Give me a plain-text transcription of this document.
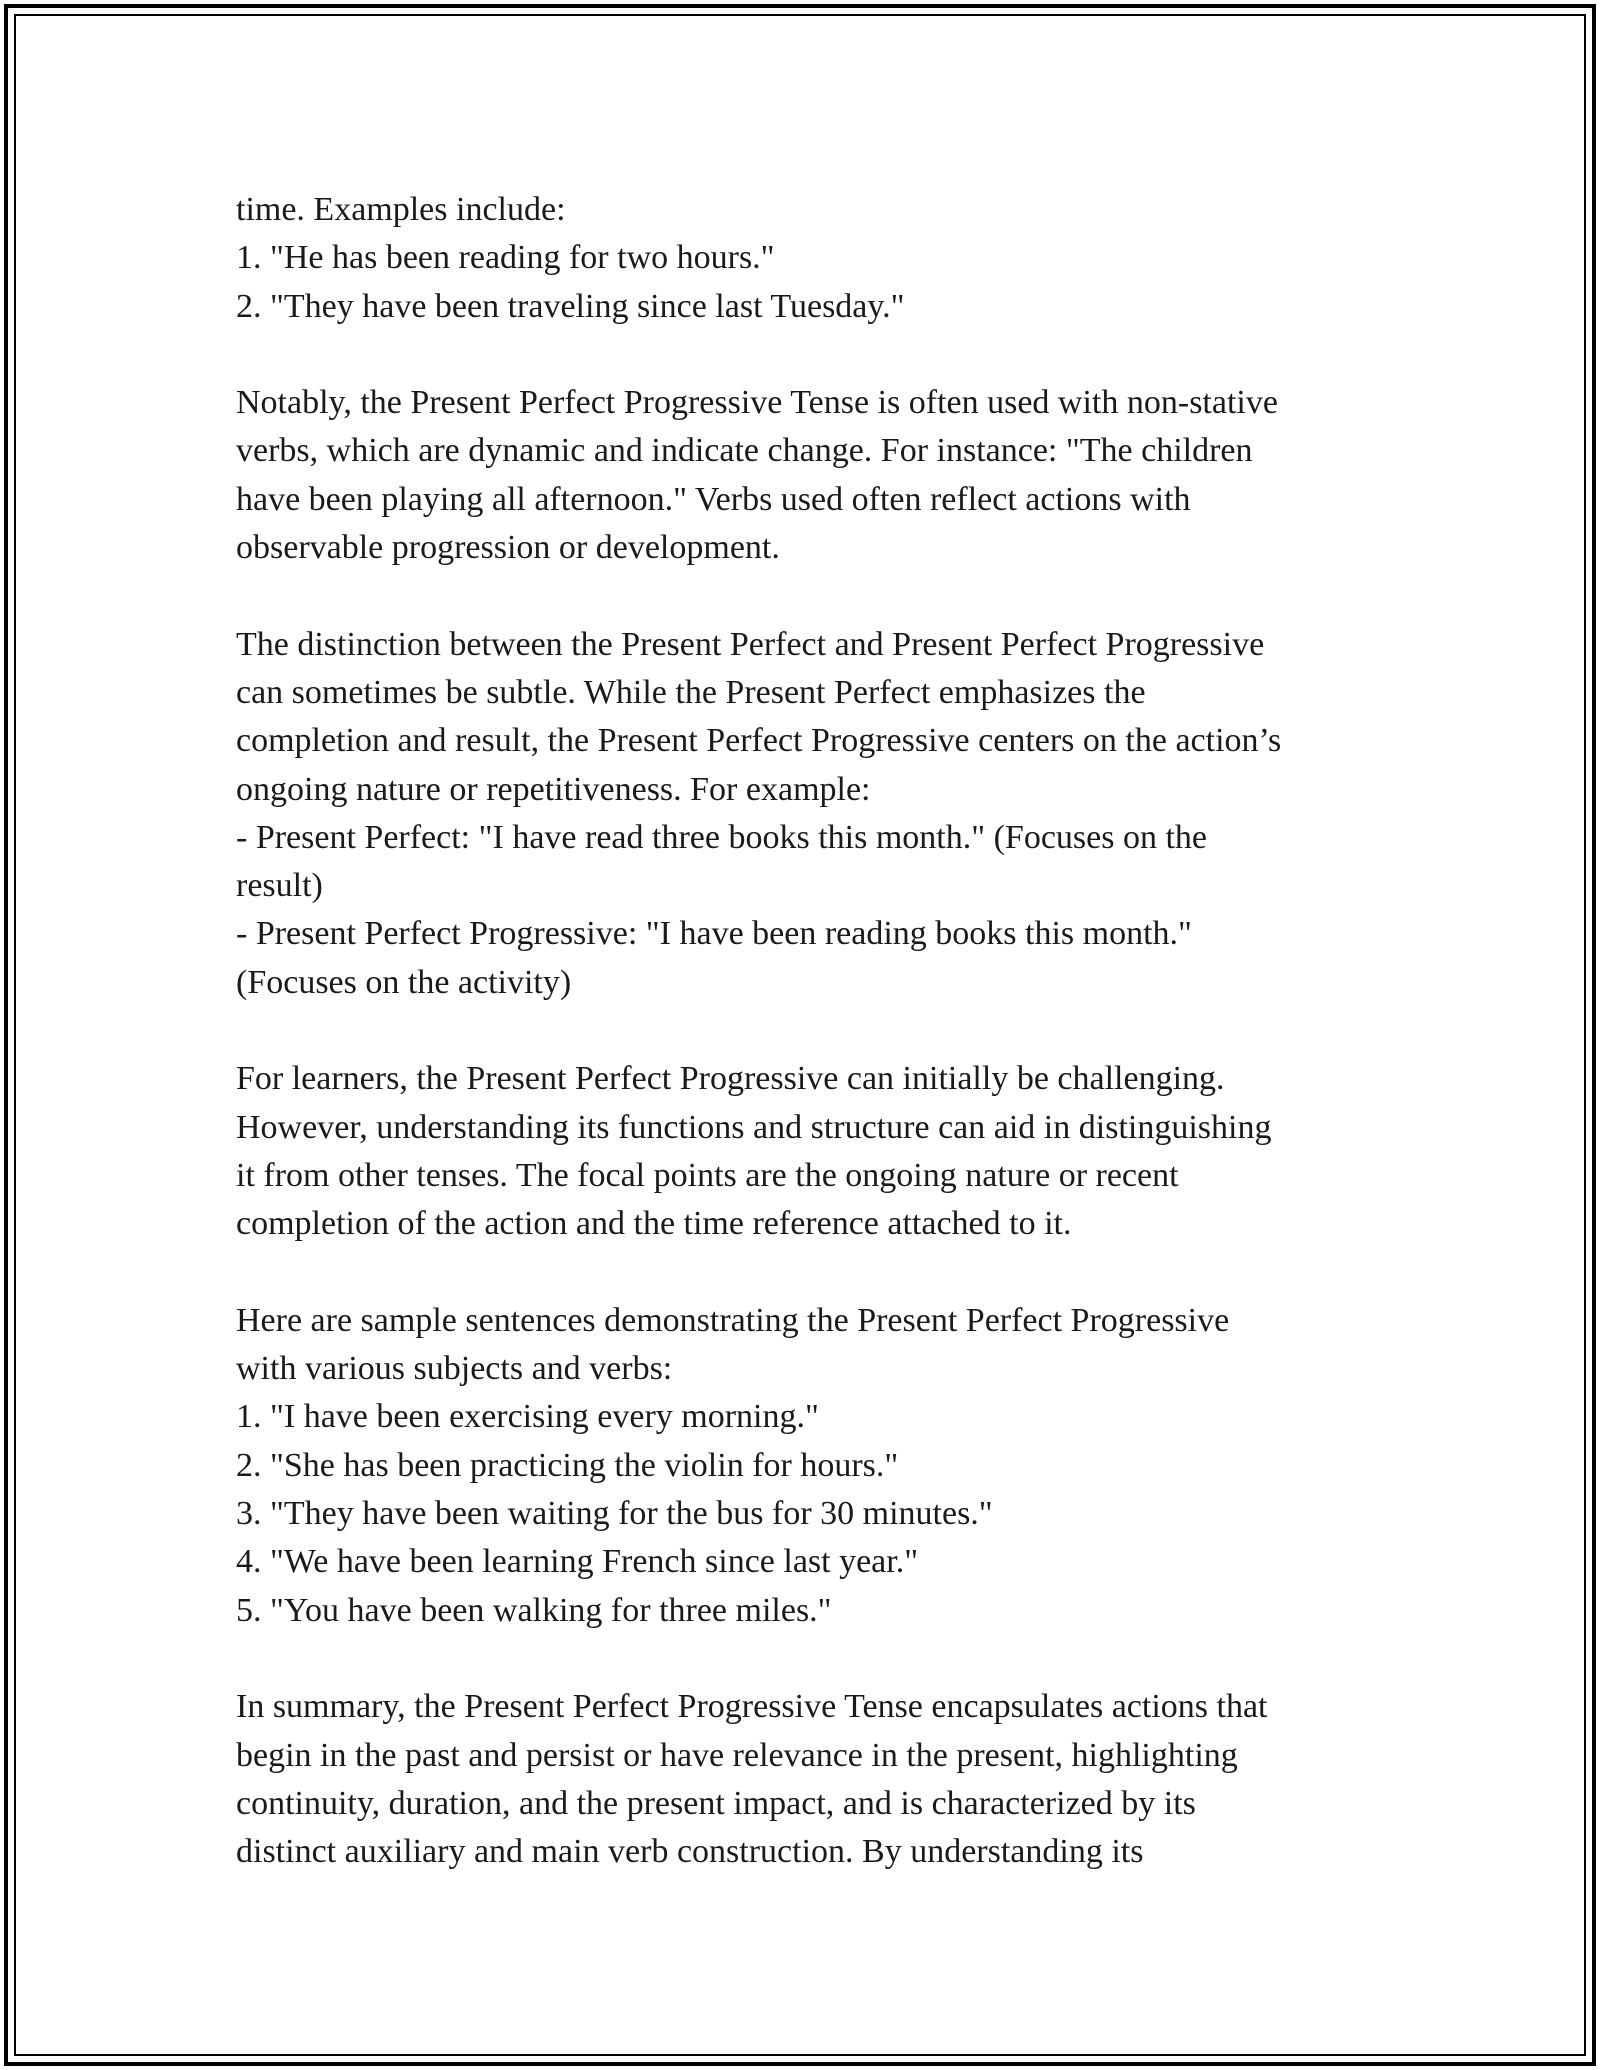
time. Examples include:
1. "He has been reading for two hours."
2. "They have been traveling since last Tuesday."
Notably, the Present Perfect Progressive Tense is often used with non-stative
verbs, which are dynamic and indicate change. For instance: "The children
have been playing all afternoon." Verbs used often reflect actions with
observable progression or development.
The distinction between the Present Perfect and Present Perfect Progressive
can sometimes be subtle. While the Present Perfect emphasizes the
completion and result, the Present Perfect Progressive centers on the action’s
ongoing nature or repetitiveness. For example:
- Present Perfect: "I have read three books this month." (Focuses on the
result)
- Present Perfect Progressive: "I have been reading books this month."
(Focuses on the activity)
For learners, the Present Perfect Progressive can initially be challenging.
However, understanding its functions and structure can aid in distinguishing
it from other tenses. The focal points are the ongoing nature or recent
completion of the action and the time reference attached to it.
Here are sample sentences demonstrating the Present Perfect Progressive
with various subjects and verbs:
1. "I have been exercising every morning."
2. "She has been practicing the violin for hours."
3. "They have been waiting for the bus for 30 minutes."
4. "We have been learning French since last year."
5. "You have been walking for three miles."
In summary, the Present Perfect Progressive Tense encapsulates actions that
begin in the past and persist or have relevance in the present, highlighting
continuity, duration, and the present impact, and is characterized by its
distinct auxiliary and main verb construction. By understanding its
